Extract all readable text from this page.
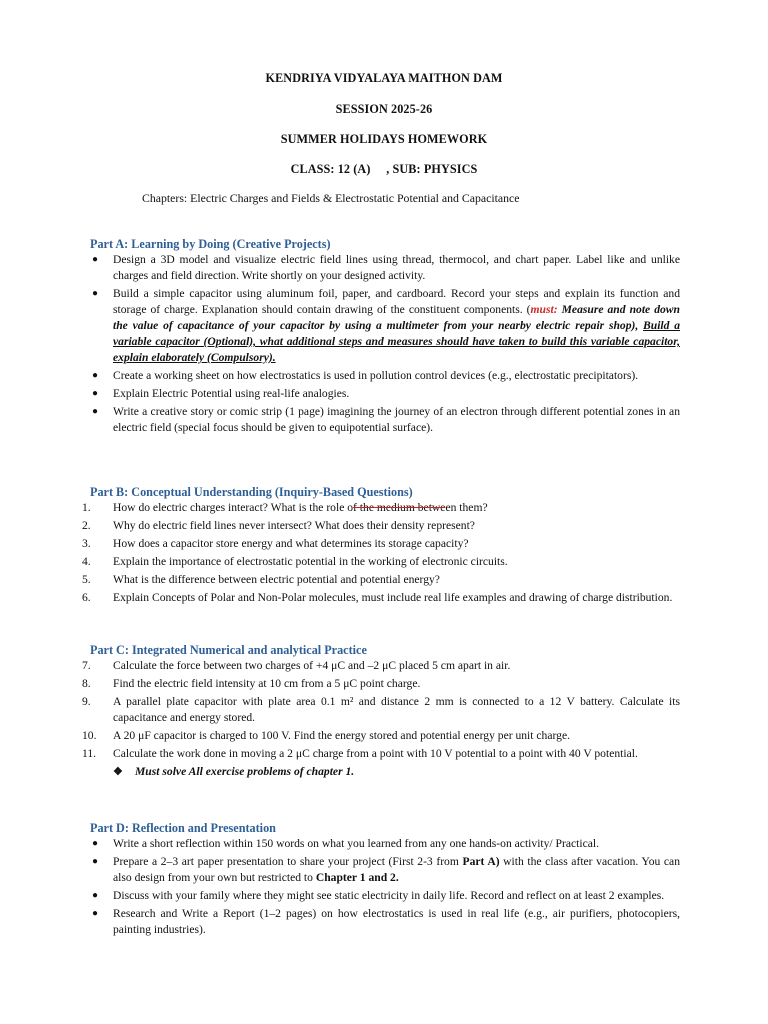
KENDRIYA VIDYALAYA MAITHON DAM
SESSION 2025-26
SUMMER HOLIDAYS HOMEWORK
CLASS: 12 (A)     , SUB: PHYSICS
Chapters: Electric Charges and Fields & Electrostatic Potential and Capacitance
Part A: Learning by Doing (Creative Projects)
●	Design a 3D model and visualize electric field lines using thread, thermocol, and chart paper. Label like and unlike charges and field direction. Write shortly on your designed activity.
●	Build a simple capacitor using aluminum foil, paper, and cardboard. Record your steps and explain its function and storage of charge. Explanation should contain drawing of the constituent components. (must: Measure and note down the value of capacitance of your capacitor by using a multimeter from your nearby electric repair shop), Build a variable capacitor (Optional), what additional steps and measures should have taken to build this variable capacitor, explain elaborately (Compulsory).
●	Create a working sheet on how electrostatics is used in pollution control devices (e.g., electrostatic precipitators).
●	Explain Electric Potential using real-life analogies.
●	Write a creative story or comic strip (1 page) imagining the journey of an electron through different potential zones in an electric field (special focus should be given to equipotential surface).
Part B: Conceptual Understanding (Inquiry-Based Questions)
1.	How do electric charges interact? What is the role of the medium between them?
2.	Why do electric field lines never intersect? What does their density represent?
3.	How does a capacitor store energy and what determines its storage capacity?
4.	Explain the importance of electrostatic potential in the working of electronic circuits.
5.	What is the difference between electric potential and potential energy?
6.	Explain Concepts of Polar and Non-Polar molecules, must include real life examples and drawing of charge distribution.
Part C: Integrated Numerical and analytical Practice
7.	Calculate the force between two charges of +4 μC and –2 μC placed 5 cm apart in air.
8.	Find the electric field intensity at 10 cm from a 5 μC point charge.
9.	A parallel plate capacitor with plate area 0.1 m² and distance 2 mm is connected to a 12 V battery. Calculate its capacitance and energy stored.
10.	A 20 μF capacitor is charged to 100 V. Find the energy stored and potential energy per unit charge.
11.	Calculate the work done in moving a 2 μC charge from a point with 10 V potential to a point with 40 V potential.
❖ Must solve All exercise problems of chapter 1.
Part D: Reflection and Presentation
●	Write a short reflection within 150 words on what you learned from any one hands-on activity/ Practical.
●	Prepare a 2–3 art paper presentation to share your project (First 2-3 from Part A) with the class after vacation. You can also design from your own but restricted to Chapter 1 and 2.
●	Discuss with your family where they might see static electricity in daily life. Record and reflect on at least 2 examples.
●	Research and Write a Report (1–2 pages) on how electrostatics is used in real life (e.g., air purifiers, photocopiers, painting industries).
